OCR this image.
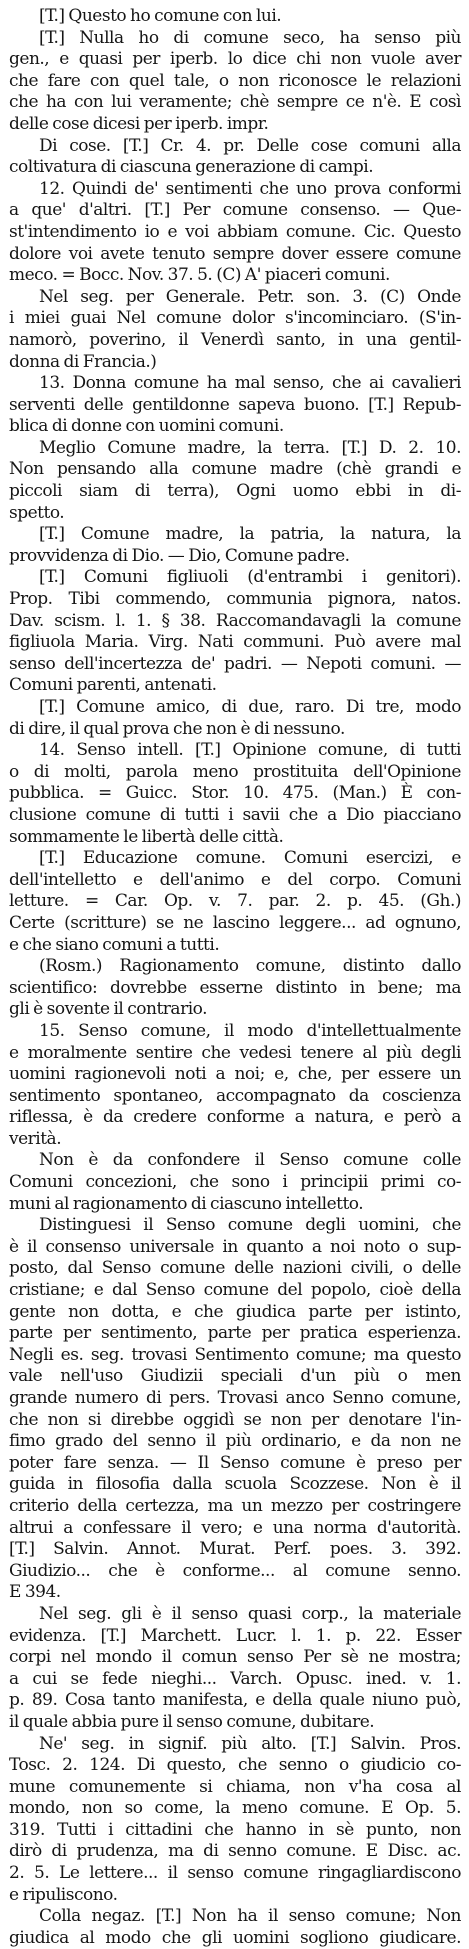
[T.] Questo ho comune con lui.
[T.] Nulla ho di comune seco, ha senso più
gen., e quasi per iperb. lo dice chi non vuole aver
che fare con quel tale, o non riconosce le relazioni
che ha con lui veramente; chè sempre ce n'è. E così
delle cose dicesi per iperb. impr.
Di cose. [T.] Cr. 4. pr. Delle cose comuni alla
coltivatura di ciascuna generazione di campi.
12. Quindi de' sentimenti che uno prova conformi
a que' d'altri. [T.] Per comune consenso. — Que-
st'intendimento io e voi abbiam comune. Cic. Questo
dolore voi avete tenuto sempre dover essere comune
meco. = Bocc. Nov. 37. 5. (C) A' piaceri comuni.
Nel seg. per Generale. Petr. son. 3. (C) Onde
i miei guai Nel comune dolor s'incominciaro. (S'in-
namorò, poverino, il Venerdì santo, in una gentil-
donna di Francia.)
13. Donna comune ha mal senso, che ai cavalieri
serventi delle gentildonne sapeva buono. [T.] Repub-
blica di donne con uomini comuni.
Meglio Comune madre, la terra. [T.] D. 2. 10.
Non pensando alla comune madre (chè grandi e
piccoli siam di terra), Ogni uomo ebbi in di-
spetto.
[T.] Comune madre, la patria, la natura, la
provvidenza di Dio. — Dio, Comune padre.
[T.] Comuni figliuoli (d'entrambi i genitori).
Prop. Tibi commendo, communia pignora, natos.
Dav. scism. l. 1. § 38. Raccomandavagli la comune
figliuola Maria. Virg. Nati communi. Può avere mal
senso dell'incertezza de' padri. — Nepoti comuni. —
Comuni parenti, antenati.
[T.] Comune amico, di due, raro. Di tre, modo
di dire, il qual prova che non è di nessuno.
14. Senso intell. [T.] Opinione comune, di tutti
o di molti, parola meno prostituita dell'Opinione
pubblica. = Guicc. Stor. 10. 475. (Man.) È con-
clusione comune di tutti i savii che a Dio piacciano
sommamente le libertà delle città.
[T.] Educazione comune. Comuni esercizi, e
dell'intelletto e dell'animo e del corpo. Comuni
letture. = Car. Op. v. 7. par. 2. p. 45. (Gh.)
Certe (scritture) se ne lascino leggere... ad ognuno,
e che siano comuni a tutti.
(Rosm.) Ragionamento comune, distinto dallo
scientifico: dovrebbe esserne distinto in bene; ma
gli è sovente il contrario.
15. Senso comune, il modo d'intellettualmente
e moralmente sentire che vedesi tenere al più degli
uomini ragionevoli noti a noi; e, che, per essere un
sentimento spontaneo, accompagnato da coscienza
riflessa, è da credere conforme a natura, e però a
verità.
Non è da confondere il Senso comune colle
Comuni concezioni, che sono i principii primi co-
muni al ragionamento di ciascuno intelletto.
Distinguesi il Senso comune degli uomini, che
è il consenso universale in quanto a noi noto o sup-
posto, dal Senso comune delle nazioni civili, o delle
cristiane; e dal Senso comune del popolo, cioè della
gente non dotta, e che giudica parte per istinto,
parte per sentimento, parte per pratica esperienza.
Negli es. seg. trovasi Sentimento comune; ma questo
vale nell'uso Giudizii speciali d'un più o men
grande numero di pers. Trovasi anco Senno comune,
che non si direbbe oggidì se non per denotare l'in-
fimo grado del senno il più ordinario, e da non ne
poter fare senza. — Il Senso comune è preso per
guida in filosofia dalla scuola Scozzese. Non è il
criterio della certezza, ma un mezzo per costringere
altrui a confessare il vero; e una norma d'autorità.
[T.] Salvin. Annot. Murat. Perf. poes. 3. 392.
Giudizio... che è conforme... al comune senno.
E 394.
Nel seg. gli è il senso quasi corp., la materiale
evidenza. [T.] Marchett. Lucr. l. 1. p. 22. Esser
corpi nel mondo il comun senso Per sè ne mostra;
a cui se fede nieghi... Varch. Opusc. ined. v. 1.
p. 89. Cosa tanto manifesta, e della quale niuno può,
il quale abbia pure il senso comune, dubitare.
Ne' seg. in signif. più alto. [T.] Salvin. Pros.
Tosc. 2. 124. Di questo, che senno o giudicio co-
mune comunemente si chiama, non v'ha cosa al
mondo, non so come, la meno comune. E Op. 5.
319. Tutti i cittadini che hanno in sè punto, non
dirò di prudenza, ma di senno comune. E Disc. ac.
2. 5. Le lettere... il senso comune ringagliardiscono
e ripuliscono.
Colla negaz. [T.] Non ha il senso comune; Non
giudica al modo che gli uomini sogliono giudicare.
